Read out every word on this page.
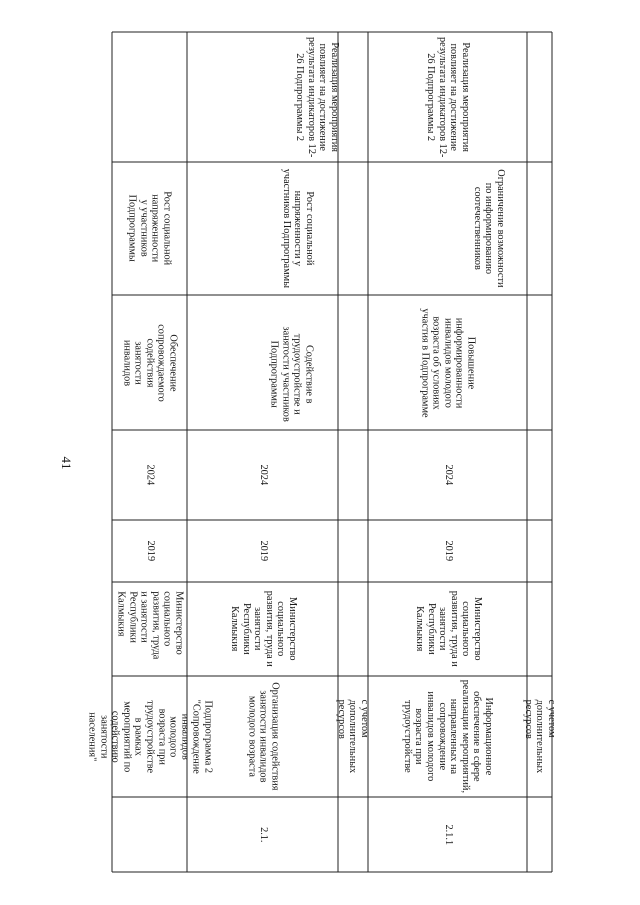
41
Подпрограмма 2 "Сопровождение инвалидов молодого возраста при трудоустройстве в рамках мероприятий по содействию занятости населения"
Министерство социального развития, труда и занятости Республики Калмыкия
2019
2024
Обеспечение сопровождаемого содействия занятости инвалидов
Рост социальной напряженности у участников Подпрограммы
2.1.
Организация содействия занятости инвалидов молодого возраста
Министерство социального развития, труда и занятости Республики Калмыкия
2019
2024
Содействие в трудоустройстве и занятости участников Подпрограммы
Рост социальной напряженности у участников Подпрограммы
Реализация мероприятия повлияет на достижение результата индикаторов 12-26 Подпрограммы 2
с учетом дополнительных ресурсов
2.1.1
Информационное обеспечение в сфере реализации мероприятий, направленных на сопровождение инвалидов молодого возраста при трудоустройстве
Министерство социального развития, труда и занятости Республики Калмыкия
2019
2024
Повышение информированности инвалидов молодого возраста об условиях участия в Подпрограмме
Ограничение возможности по информированию соотечественников
Реализация мероприятия повлияет на достижение результата индикаторов 12-26 Подпрограммы 2
с учетом дополнительных ресурсов
